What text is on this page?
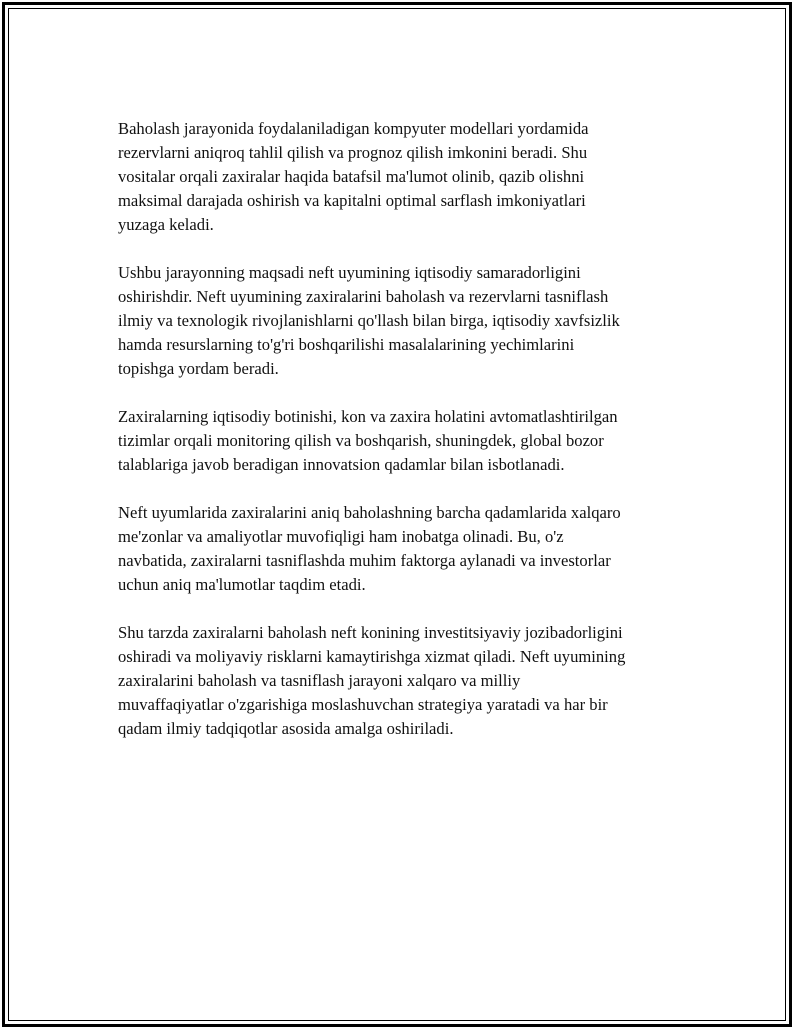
Baholash jarayonida foydalaniladigan kompyuter modellari yordamida
rezervlarni aniqroq tahlil qilish va prognoz qilish imkonini beradi. Shu
vositalar orqali zaxiralar haqida batafsil ma'lumot olinib, qazib olishni
maksimal darajada oshirish va kapitalni optimal sarflash imkoniyatlari
yuzaga keladi.

Ushbu jarayonning maqsadi neft uyumining iqtisodiy samaradorligini
oshirishdir. Neft uyumining zaxiralarini baholash va rezervlarni tasniflash
ilmiy va texnologik rivojlanishlarni qo'llash bilan birga, iqtisodiy xavfsizlik
hamda resurslarning to'g'ri boshqarilishi masalalarining yechimlarini
topishga yordam beradi.

Zaxiralarning iqtisodiy botinishi, kon va zaxira holatini avtomatlashtirilgan
tizimlar orqali monitoring qilish va boshqarish, shuningdek, global bozor
talablariga javob beradigan innovatsion qadamlar bilan isbotlanadi.

Neft uyumlarida zaxiralarini aniq baholashning barcha qadamlarida xalqaro
me'zonlar va amaliyotlar muvofiqligi ham inobatga olinadi. Bu, o'z
navbatida, zaxiralarni tasniflashda muhim faktorga aylanadi va investorlar
uchun aniq ma'lumotlar taqdim etadi.

Shu tarzda zaxiralarni baholash neft konining investitsiyaviy jozibadorligini
oshiradi va moliyaviy risklarni kamaytirishga xizmat qiladi. Neft uyumining
zaxiralarini baholash va tasniflash jarayoni xalqaro va milliy
muvaffaqiyatlar o'zgarishiga moslashuvchan strategiya yaratadi va har bir
qadam ilmiy tadqiqotlar asosida amalga oshiriladi.
